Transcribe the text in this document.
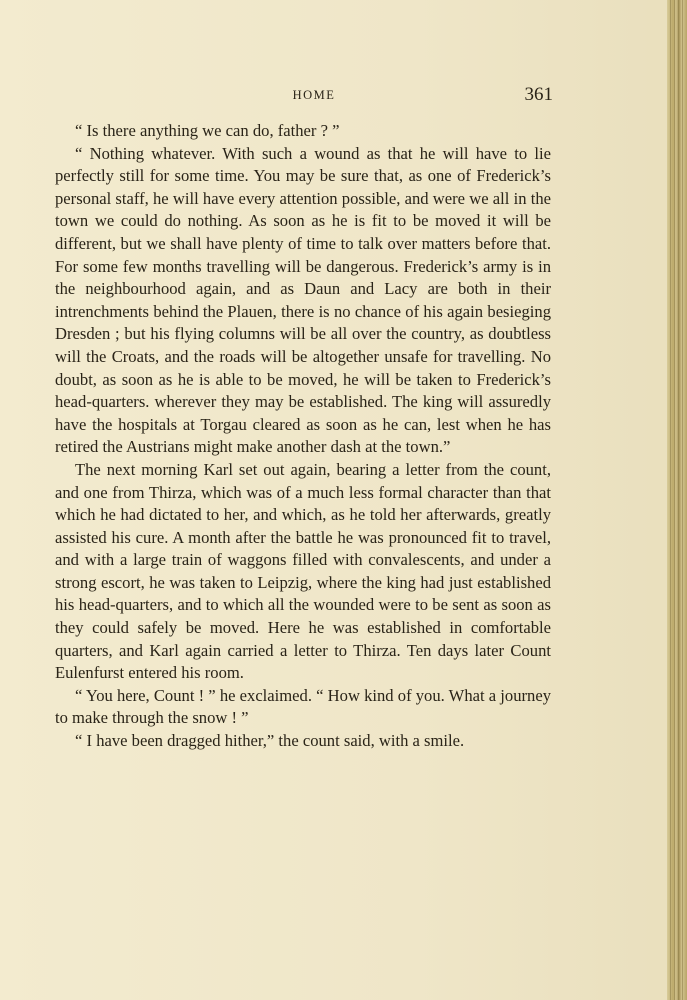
HOME	361

“ Is there anything we can do, father ? ”

“ Nothing whatever. With such a wound as that he will have to lie perfectly still for some time. You may be sure that, as one of Frederick’s personal staff, he will have every attention possible, and were we all in the town we could do nothing. As soon as he is fit to be moved it will be different, but we shall have plenty of time to talk over matters before that. For some few months travelling will be dangerous. Frederick’s army is in the neighbourhood again, and as Daun and Lacy are both in their intrenchments behind the Plauen, there is no chance of his again besieging Dresden ; but his flying columns will be all over the country, as doubtless will the Croats, and the roads will be altogether unsafe for travelling. No doubt, as soon as he is able to be moved, he will be taken to Frederick’s head-quarters. wherever they may be established. The king will assuredly have the hospitals at Torgau cleared as soon as he can, lest when he has retired the Austrians might make another dash at the town.”

The next morning Karl set out again, bearing a letter from the count, and one from Thirza, which was of a much less formal character than that which he had dictated to her, and which, as he told her afterwards, greatly assisted his cure. A month after the battle he was pronounced fit to travel, and with a large train of waggons filled with convalescents, and under a strong escort, he was taken to Leipzig, where the king had just established his head-quarters, and to which all the wounded were to be sent as soon as they could safely be moved. Here he was established in comfortable quarters, and Karl again carried a letter to Thirza. Ten days later Count Eulenfurst entered his room.

“ You here, Count ! ” he exclaimed. “ How kind of you. What a journey to make through the snow ! ”

“ I have been dragged hither,” the count said, with a smile.
